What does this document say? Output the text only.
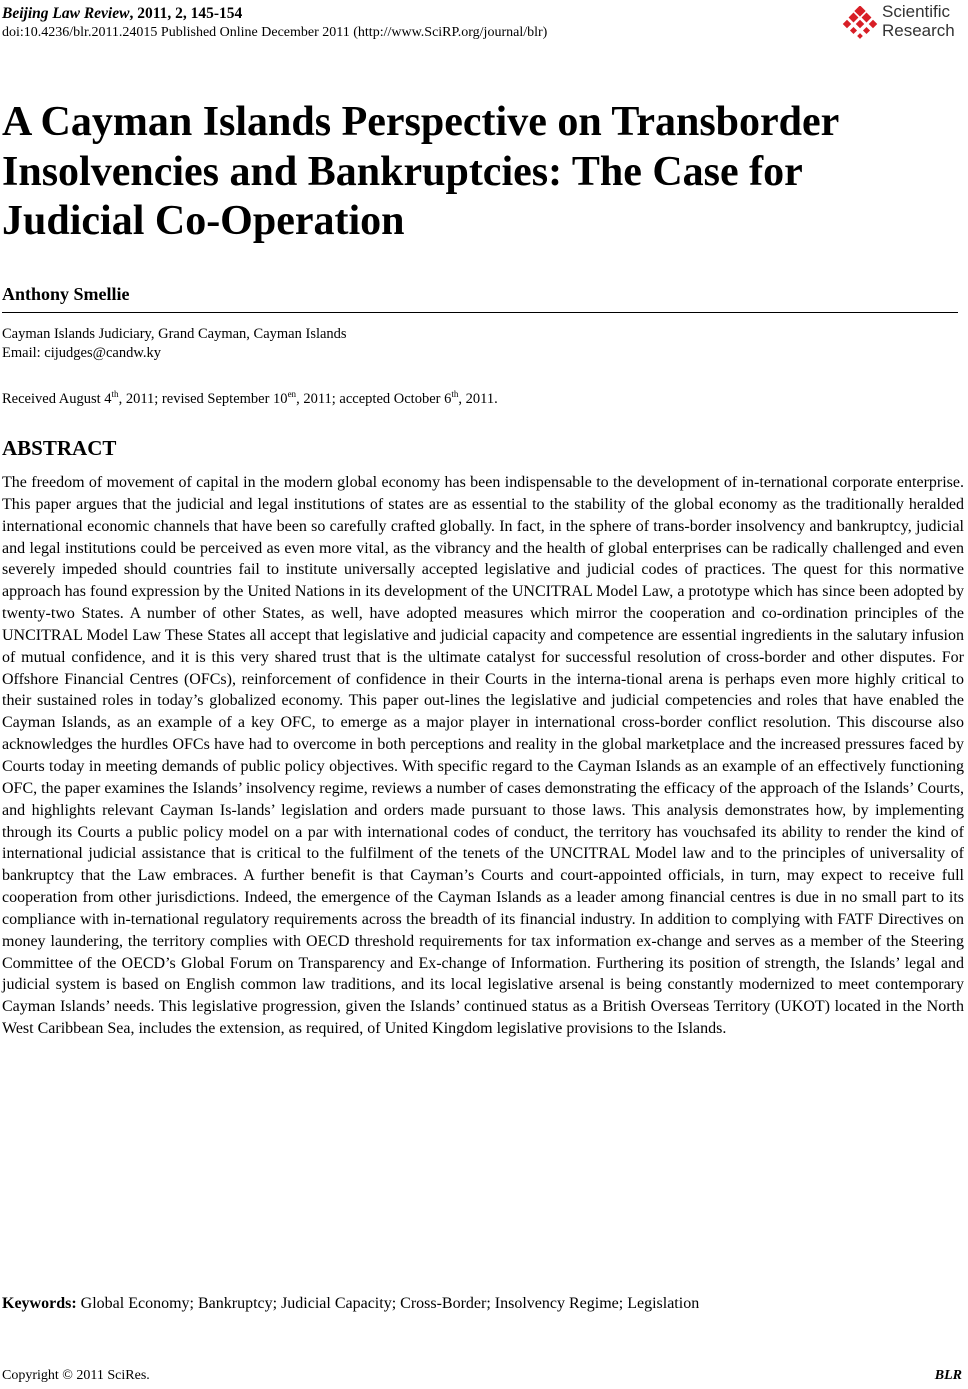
Beijing Law Review, 2011, 2, 145-154
doi:10.4236/blr.2011.24015 Published Online December 2011 (http://www.SciRP.org/journal/blr)
Scientific
Research
A Cayman Islands Perspective on Transborder Insolvencies and Bankruptcies: The Case for Judicial Co-Operation
Anthony Smellie
Cayman Islands Judiciary, Grand Cayman, Cayman Islands
Email: cijudges@candw.ky
Received August 4th, 2011; revised September $10^{en}$, 2011; accepted October 6th, 2011.
ABSTRACT

The freedom of movement of capital in the modern global economy has been indispensable to the development of in-ternational corporate enterprise. This paper argues that the judicial and legal institutions of states are as essential to the stability of the global economy as the traditionally heralded international economic channels that have been so carefully crafted globally. In fact, in the sphere of trans-border insolvency and bankruptcy, judicial and legal institutions could be perceived as even more vital, as the vibrancy and the health of global enterprises can be radically challenged and even severely impeded should countries fail to institute universally accepted legislative and judicial codes of practices. The quest for this normative approach has found expression by the United Nations in its development of the UNCITRAL Model Law, a prototype which has since been adopted by twenty-two States. A number of other States, as well, have adopted measures which mirror the cooperation and co-ordination principles of the UNCITRAL Model Law These States all accept that legislative and judicial capacity and competence are essential ingredients in the salutary infusion of mutual confidence, and it is this very shared trust that is the ultimate catalyst for successful resolution of cross-border and other disputes. For Offshore Financial Centres (OFCs), reinforcement of confidence in their Courts in the interna-tional arena is perhaps even more highly critical to their sustained roles in today’s globalized economy. This paper out-lines the legislative and judicial competencies and roles that have enabled the Cayman Islands, as an example of a key OFC, to emerge as a major player in international cross-border conflict resolution. This discourse also acknowledges the hurdles OFCs have had to overcome in both perceptions and reality in the global marketplace and the increased pressures faced by Courts today in meeting demands of public policy objectives. With specific regard to the Cayman Islands as an example of an effectively functioning OFC, the paper examines the Islands’ insolvency regime, reviews a number of cases demonstrating the efficacy of the approach of the Islands’ Courts, and highlights relevant Cayman Is-lands’ legislation and orders made pursuant to those laws. This analysis demonstrates how, by implementing through its Courts a public policy model on a par with international codes of conduct, the territory has vouchsafed its ability to render the kind of international judicial assistance that is critical to the fulfilment of the tenets of the UNCITRAL Model law and to the principles of universality of bankruptcy that the Law embraces. A further benefit is that Cayman’s Courts and court-appointed officials, in turn, may expect to receive full cooperation from other jurisdictions. Indeed, the emergence of the Cayman Islands as a leader among financial centres is due in no small part to its compliance with in-ternational regulatory requirements across the breadth of its financial industry. In addition to complying with FATF Directives on money laundering, the territory complies with OECD threshold requirements for tax information ex-change and serves as a member of the Steering Committee of the OECD’s Global Forum on Transparency and Ex-change of Information. Furthering its position of strength, the Islands’ legal and judicial system is based on English common law traditions, and its local legislative arsenal is being constantly modernized to meet contemporary Cayman Islands’ needs. This legislative progression, given the Islands’ continued status as a British Overseas Territory (UKOT) located in the North West Caribbean Sea, includes the extension, as required, of United Kingdom legislative provisions to the Islands.

Keywords: Global Economy; Bankruptcy; Judicial Capacity; Cross-Border; Insolvency Regime; Legislation
Copyright © 2011 SciRes.	BLR
